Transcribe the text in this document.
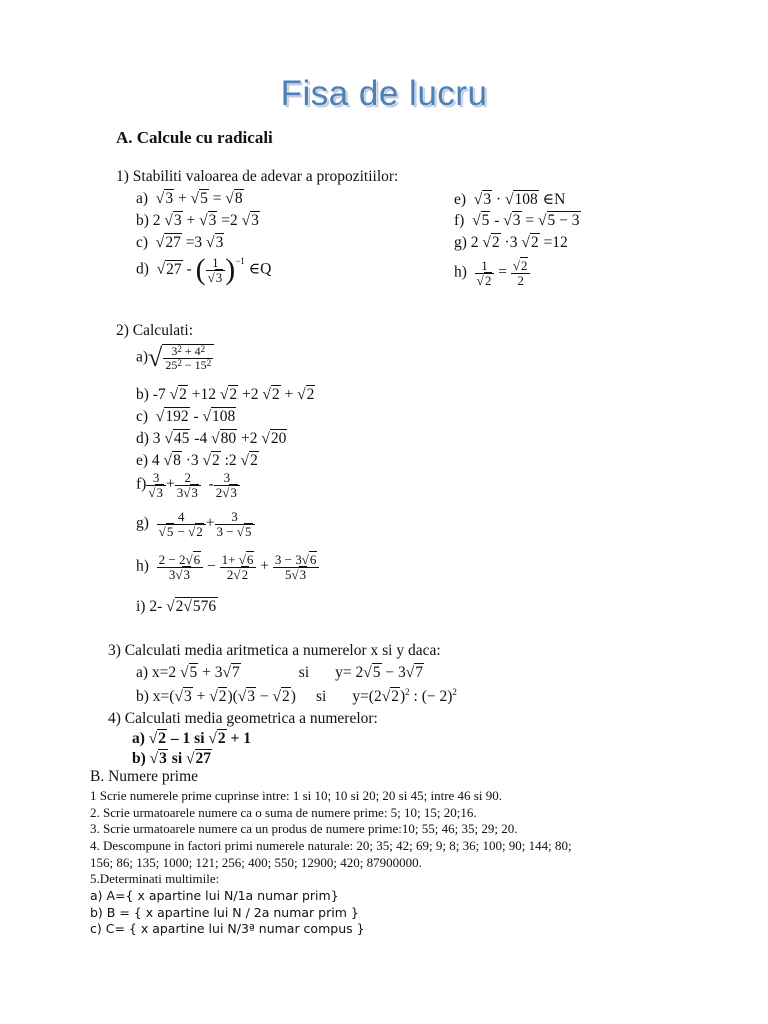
Fisa de lucru
A. Calcule cu radicali
1) Stabiliti valoarea de adevar a propozitiilor:
a)  √3 + √5 = √8
b) 2 √3 + √3 =2 √3
c)  √27 =3 √3
d)  √27 - ( $\frac{1}{√3} )^{-1}$ ∈Q
e)  √3 · √108 ∈N
f)  √5 - √3 = √5 − 3
g) 2 √2 ·3 √2 =12
$h) \frac{1}{√2} = \frac{√2}{2}$
2) Calculati:
$a)√ \frac{3^2 + 4^2}{25^2 - 15^2}$
b) -7 √2 +12 √2 +2 √2 + √2
c)  √192 - √108
d) 3 √45 -4 √80 +2 √20
e) 4 √8 ·3 √2 :2 √2
$f) \frac{3}{√3} + \frac{2}{3√3} - \frac{3}{2√3}$
$g) \frac{4}{√5 - √2} + \frac{3}{3 - √5}$
$h) \frac{2 - 2√6}{3√3} - \frac{1+ √6}{2√2} + \frac{3 - 3√6}{5√3}$
i) 2- √2√576
3) Calculati media aritmetica a numerelor x si y daca:
a) x=2 √5 + 3√7	si y= 2√5 − 3√7
b) x=(√3 + √2)(√3 − √2) si $y=(2√2)^2$ : (− 2)$^2$
4) Calculati media geometrica a numerelor:
a) √2 – 1 si √2 + 1
b) √3 si √27
B. Numere prime
1 Scrie numerele prime cuprinse intre: 1 si 10; 10 si 20; 20 si 45; intre 46 si 90.
2. Scrie urmatoarele numere ca o suma de numere prime: 5; 10; 15; 20;16.
3. Scrie urmatoarele numere ca un produs de numere prime:10; 55; 46; 35; 29; 20.
4. Descompune in factori primi numerele naturale: 20; 35; 42; 69; 9; 8; 36; 100; 90; 144; 80;
156; 86; 135; 1000; 121; 256; 400; 550; 12900; 420; 87900000.
5.Determinati multimile:
a) A={ x apartine lui N/1a numar prim}
b) B = { x apartine lui N / 2a numar prim }
c) C= { x apartine lui N/3ª numar compus }
